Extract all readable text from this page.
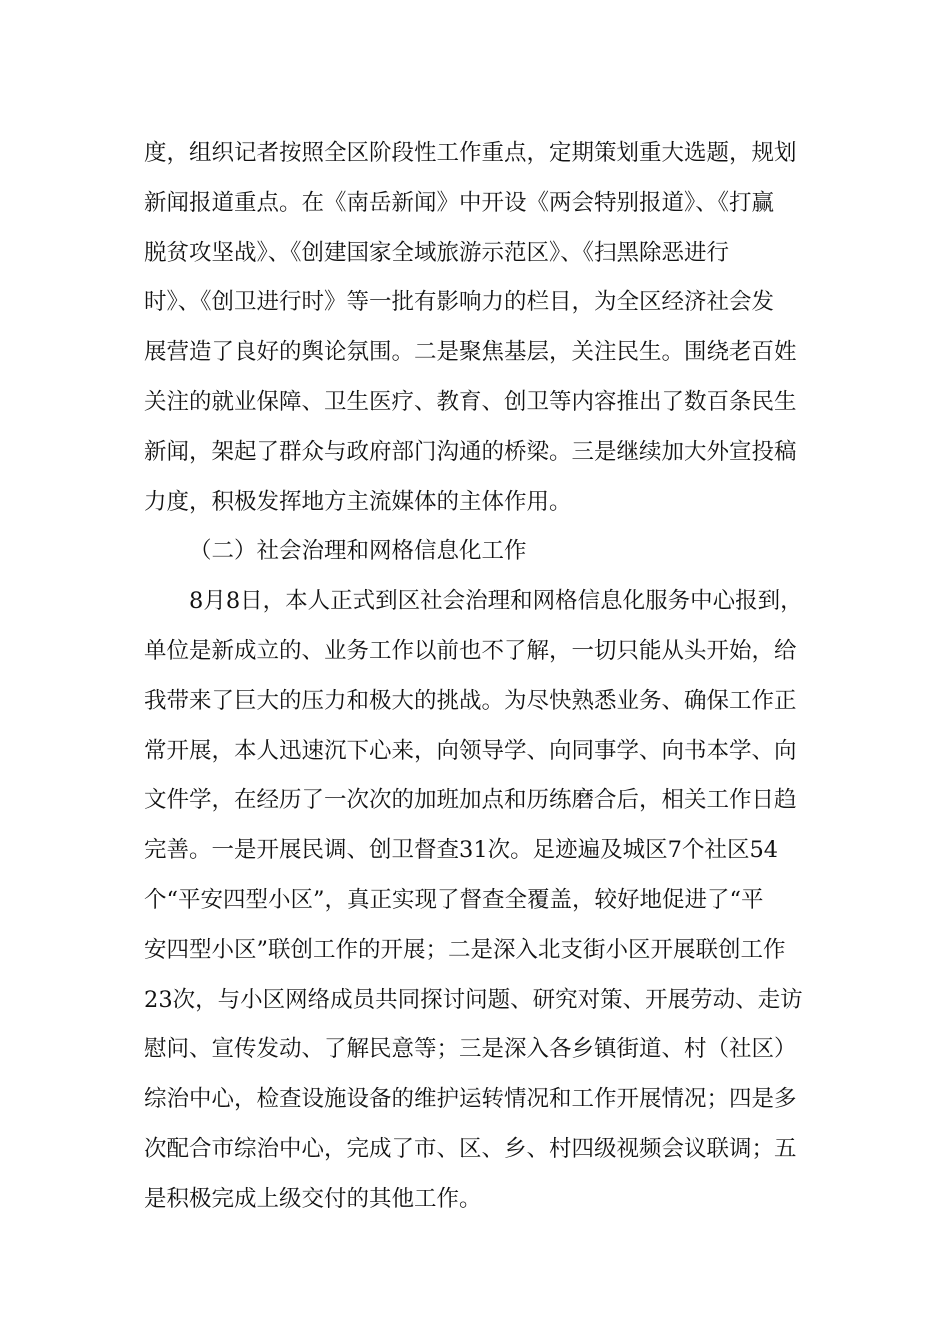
度，组织记者按照全区阶段性工作重点，定期策划重大选题，规划
新闻报道重点。在《南岳新闻》中开设《两会特别报道》、《打赢
脱贫攻坚战》、《创建国家全域旅游示范区》、《扫黑除恶进行
时》、《创卫进行时》等一批有影响力的栏目，为全区经济社会发
展营造了良好的舆论氛围。二是聚焦基层，关注民生。围绕老百姓
关注的就业保障、卫生医疗、教育、创卫等内容推出了数百条民生
新闻，架起了群众与政府部门沟通的桥梁。三是继续加大外宣投稿
力度，积极发挥地方主流媒体的主体作用。
（二）社会治理和网格信息化工作
8月8日，本人正式到区社会治理和网格信息化服务中心报到，
单位是新成立的、业务工作以前也不了解，一切只能从头开始，给
我带来了巨大的压力和极大的挑战。为尽快熟悉业务、确保工作正
常开展，本人迅速沉下心来，向领导学、向同事学、向书本学、向
文件学，在经历了一次次的加班加点和历练磨合后，相关工作日趋
完善。一是开展民调、创卫督查31次。足迹遍及城区7个社区54
个“平安四型小区”，真正实现了督查全覆盖，较好地促进了“平
安四型小区”联创工作的开展；二是深入北支街小区开展联创工作
23次，与小区网络成员共同探讨问题、研究对策、开展劳动、走访
慰问、宣传发动、了解民意等；三是深入各乡镇街道、村（社区）
综治中心，检查设施设备的维护运转情况和工作开展情况；四是多
次配合市综治中心，完成了市、区、乡、村四级视频会议联调；五
是积极完成上级交付的其他工作。
